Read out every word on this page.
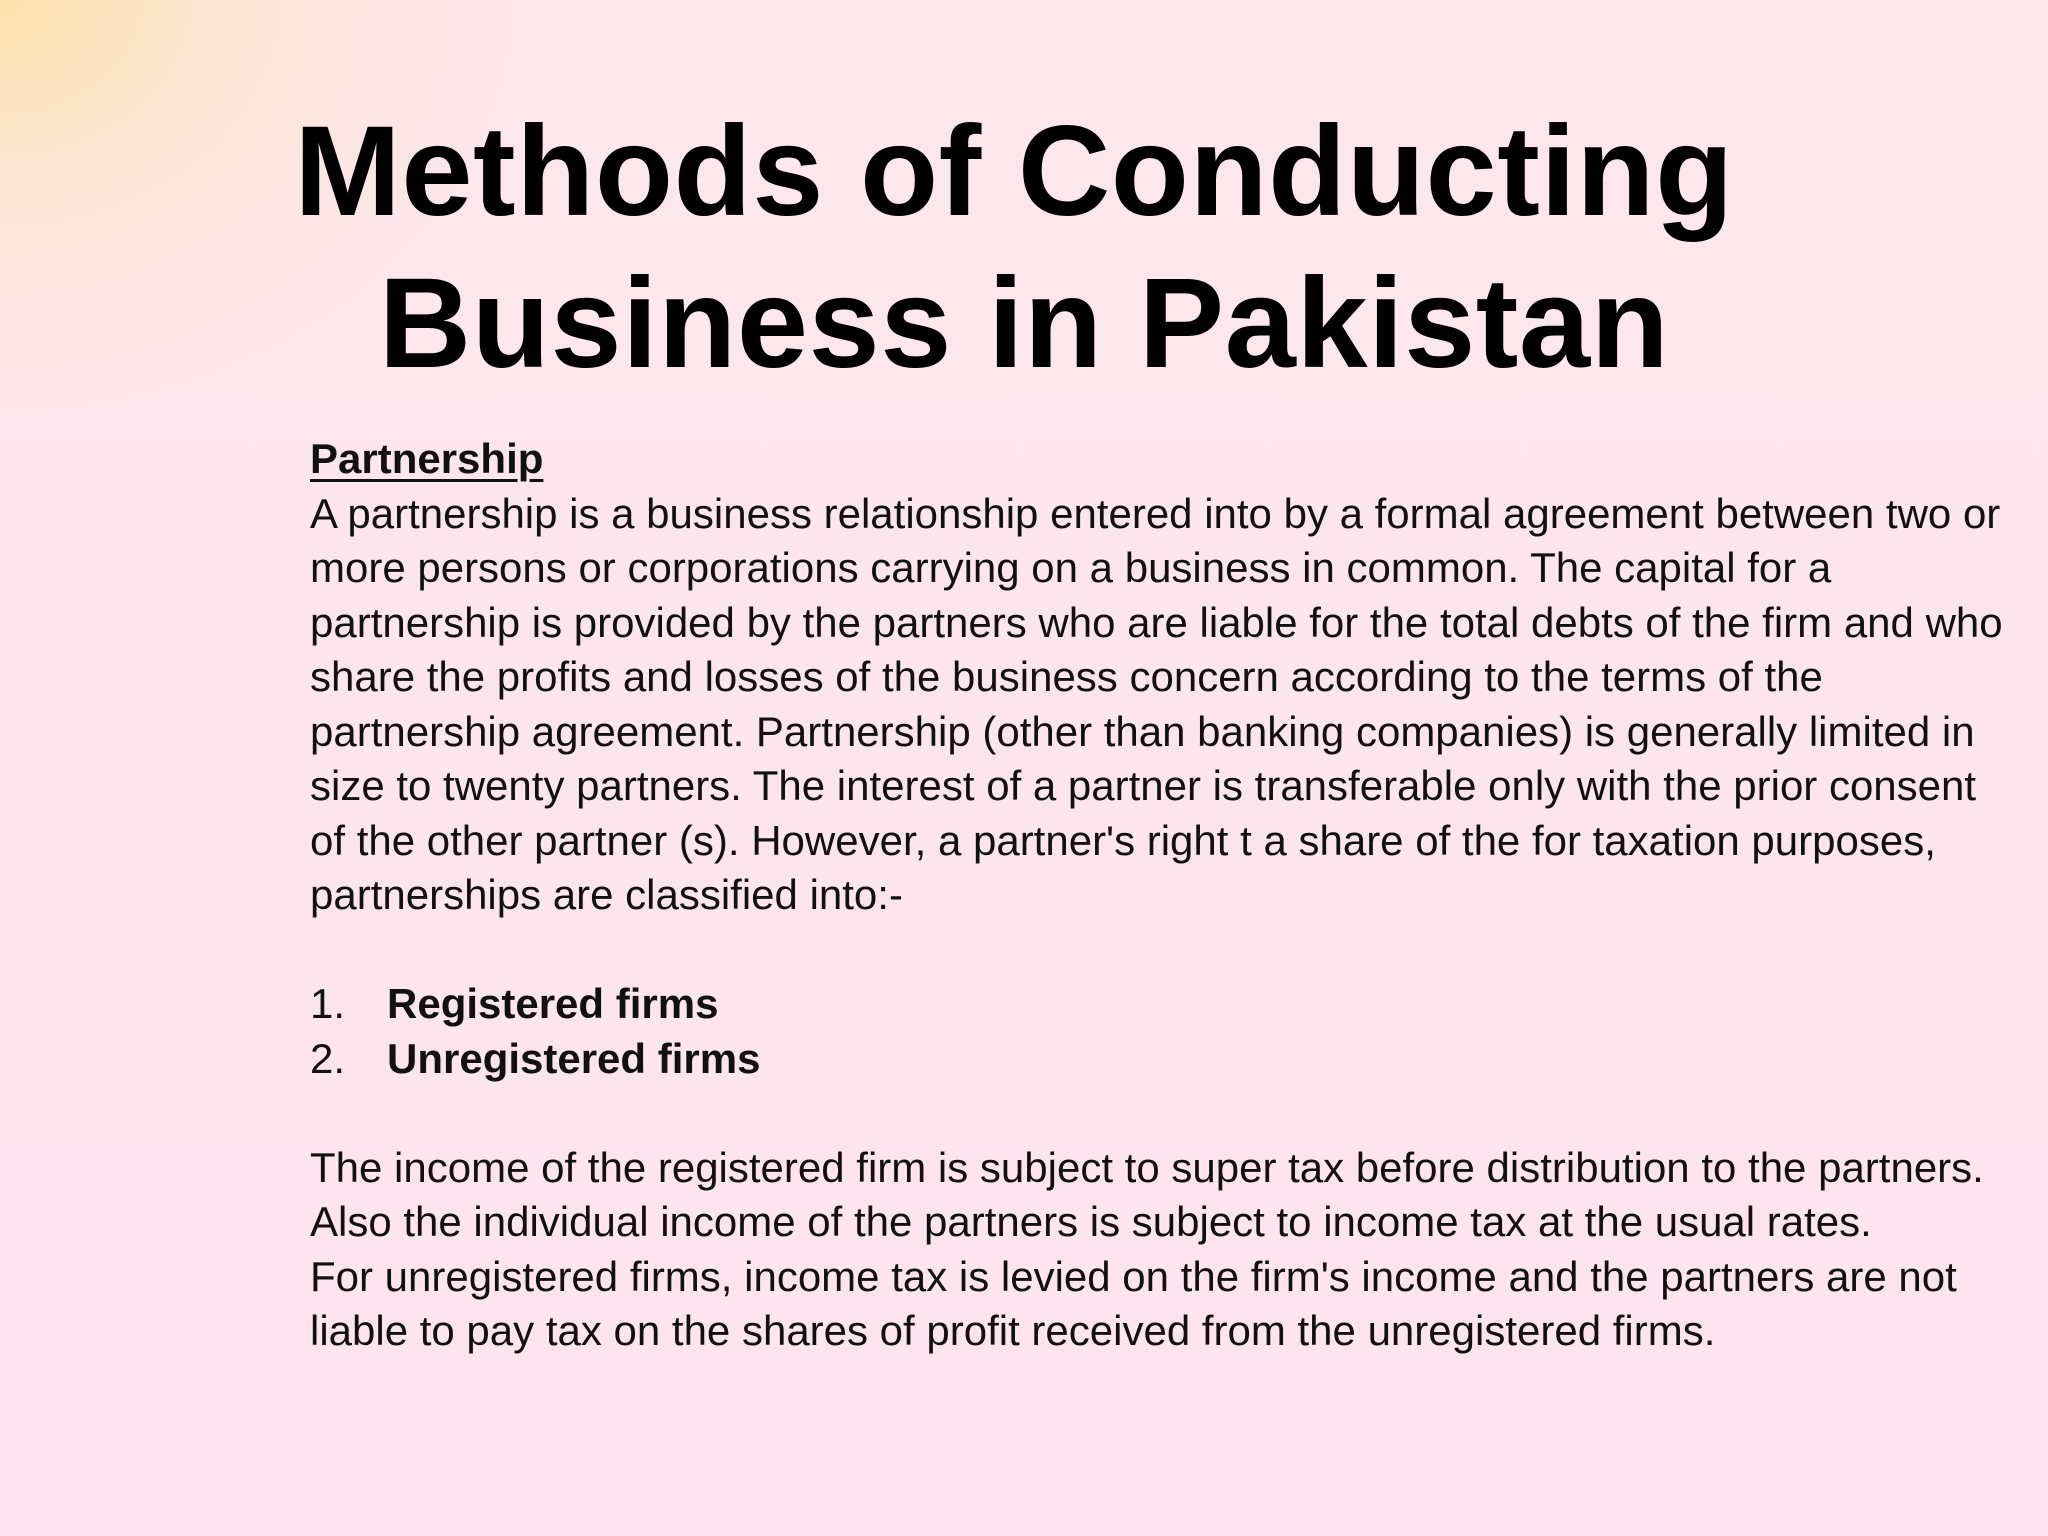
Methods of Conducting
Business in Pakistan
Partnership

A partnership is a business relationship entered into by a formal agreement between two or more persons or corporations carrying on a business in common. The capital for a partnership is provided by the partners who are liable for the total debts of the firm and who share the profits and losses of the business concern according to the terms of the partnership agreement. Partnership (other than banking companies) is generally limited in size to twenty partners. The interest of a partner is transferable only with the prior consent of the other partner (s). However, a partner's right t a share of the for taxation purposes, partnerships are classified into:-

1. Registered firms
2. Unregistered firms

The income of the registered firm is subject to super tax before distribution to the partners. Also the individual income of the partners is subject to income tax at the usual rates.

For unregistered firms, income tax is levied on the firm's income and the partners are not liable to pay tax on the shares of profit received from the unregistered firms.
